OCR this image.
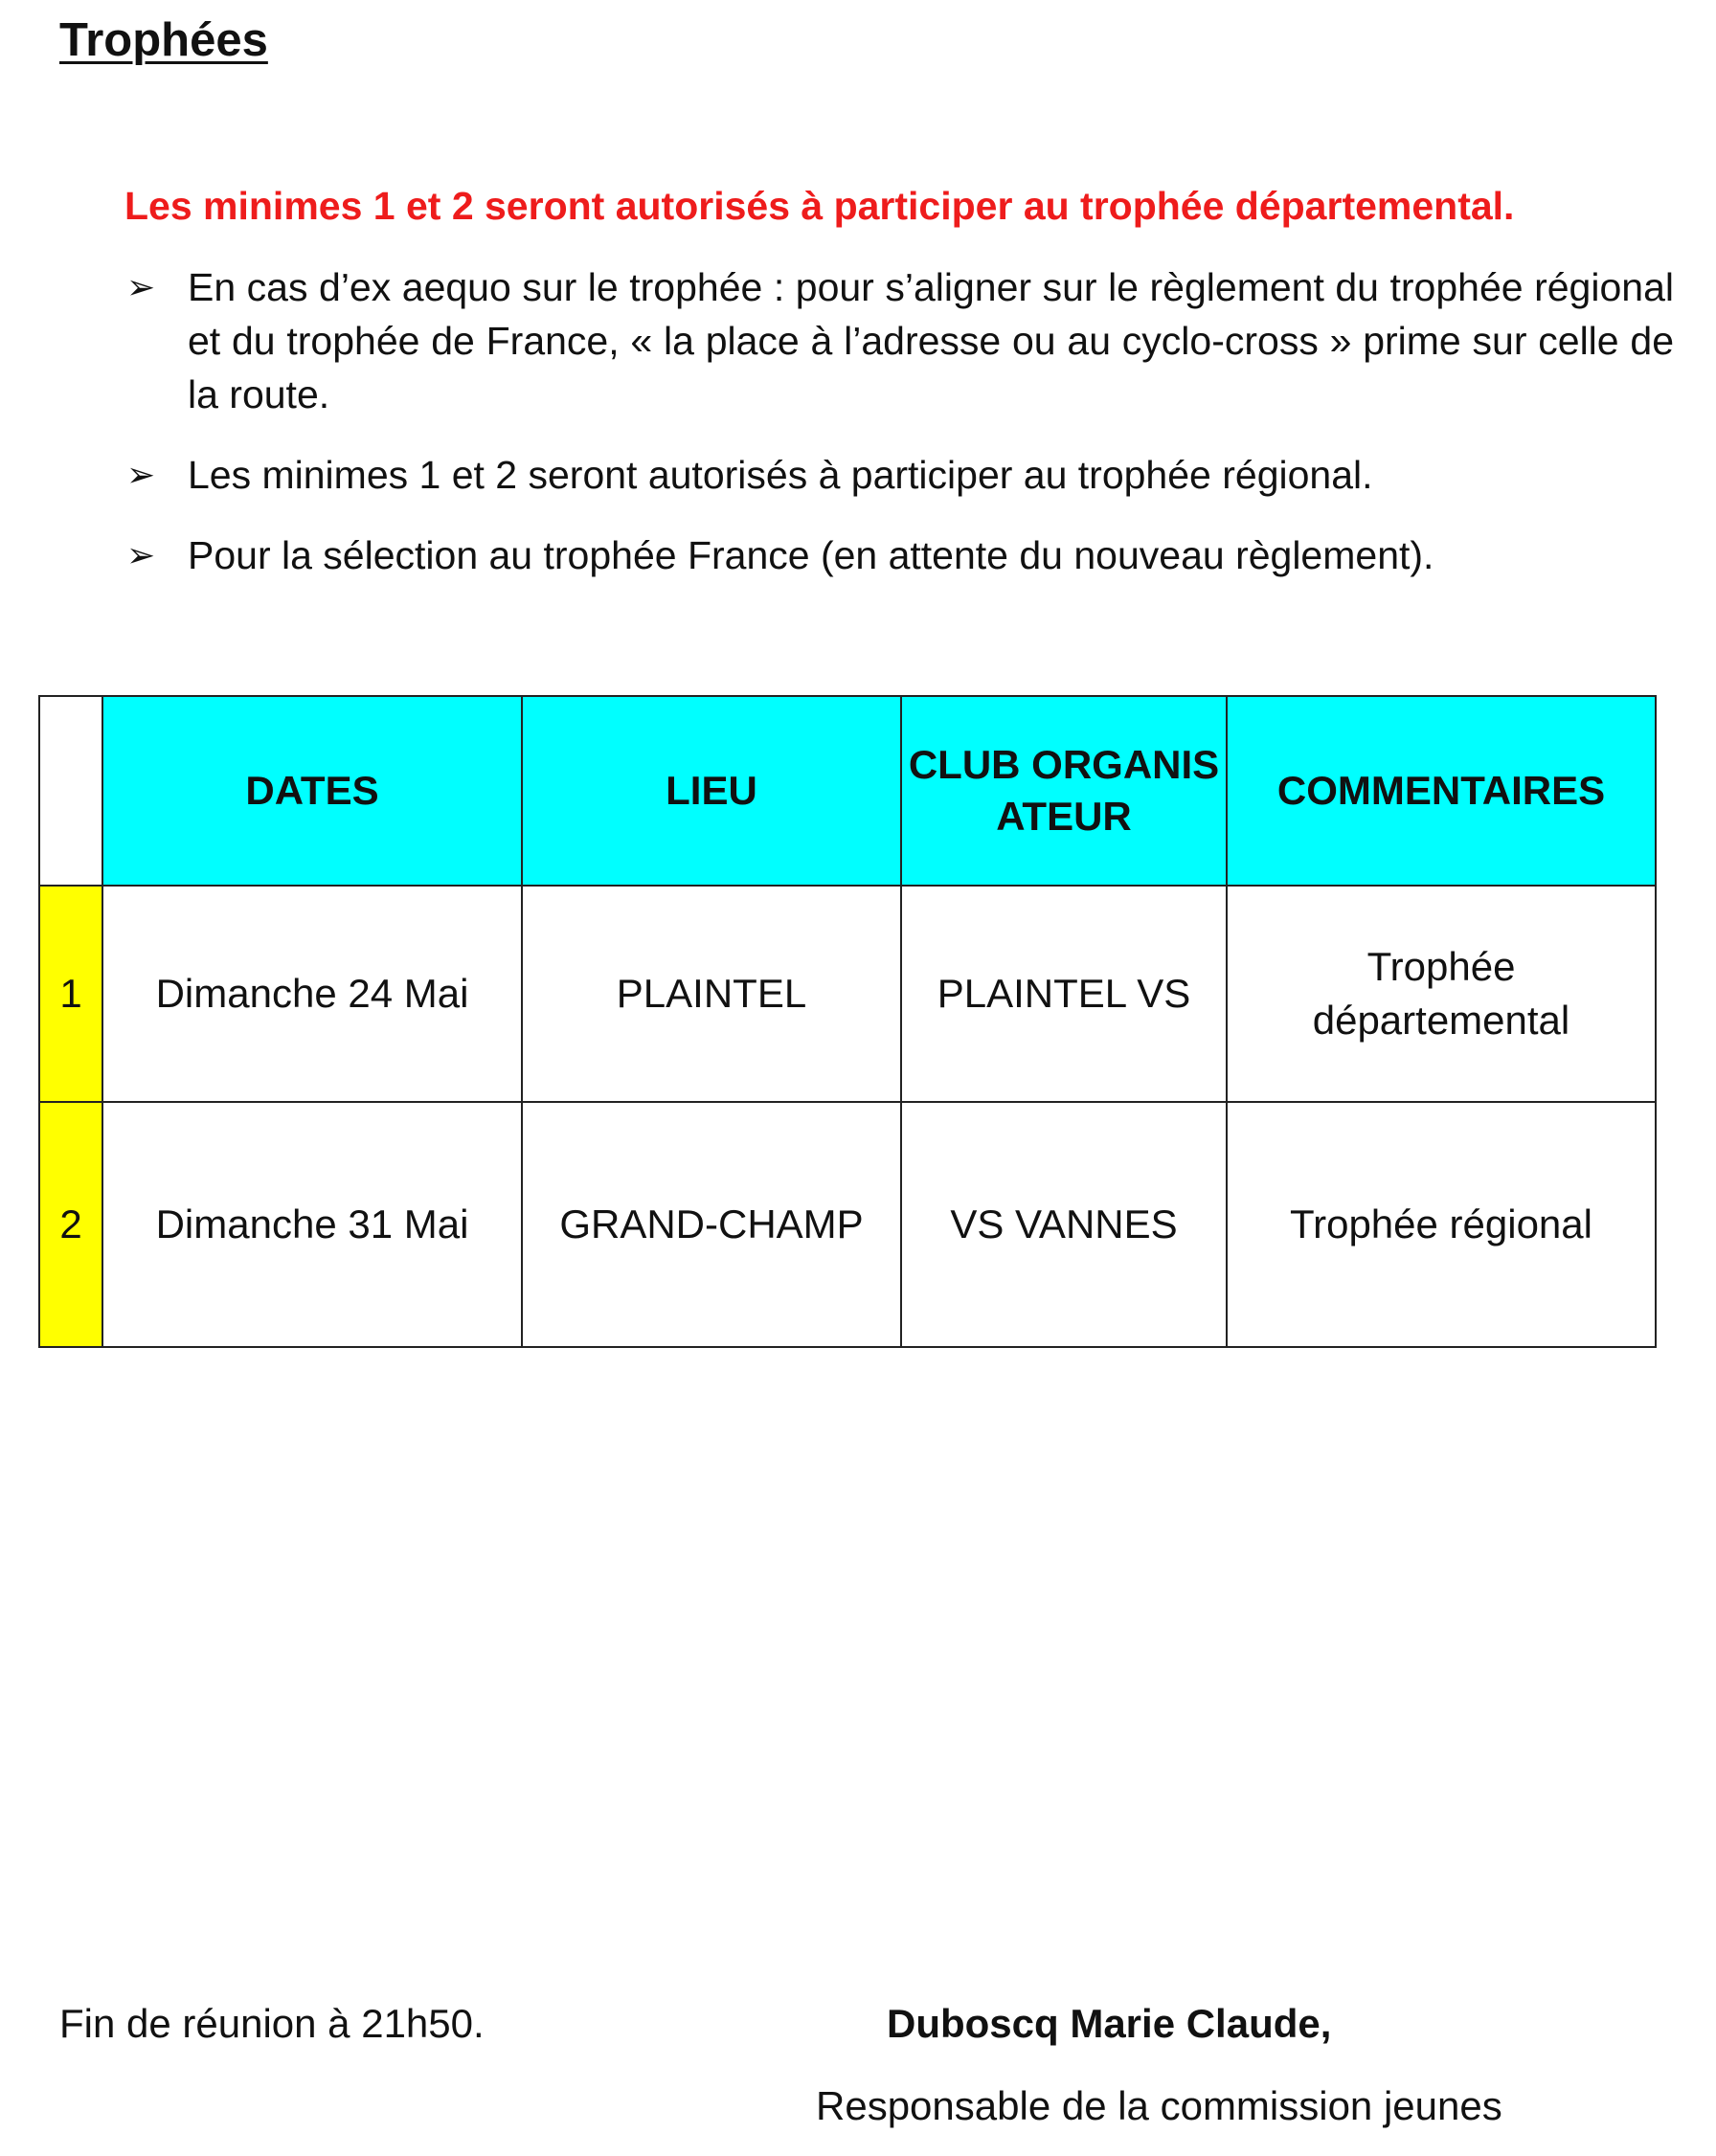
Trophées
Les minimes 1 et 2 seront autorisés à participer au trophée départemental.
➢ En cas d’ex aequo sur le trophée : pour s’aligner sur le règlement du trophée régional et du trophée de France, « la place à l’adresse ou au cyclo-cross » prime sur celle de la route.
➢ Les minimes 1 et 2 seront autorisés à participer au trophée régional.
➢ Pour la sélection au trophée France (en attente du nouveau règlement).
	DATES	LIEU	CLUB ORGANISATEUR	COMMENTAIRES
1	Dimanche 24 Mai	PLAINTEL	PLAINTEL VS	Trophée départemental
2	Dimanche 31 Mai	GRAND-CHAMP	VS VANNES	Trophée régional
Fin de réunion à 21h50.	Duboscq Marie Claude,
Responsable de la commission jeunes
